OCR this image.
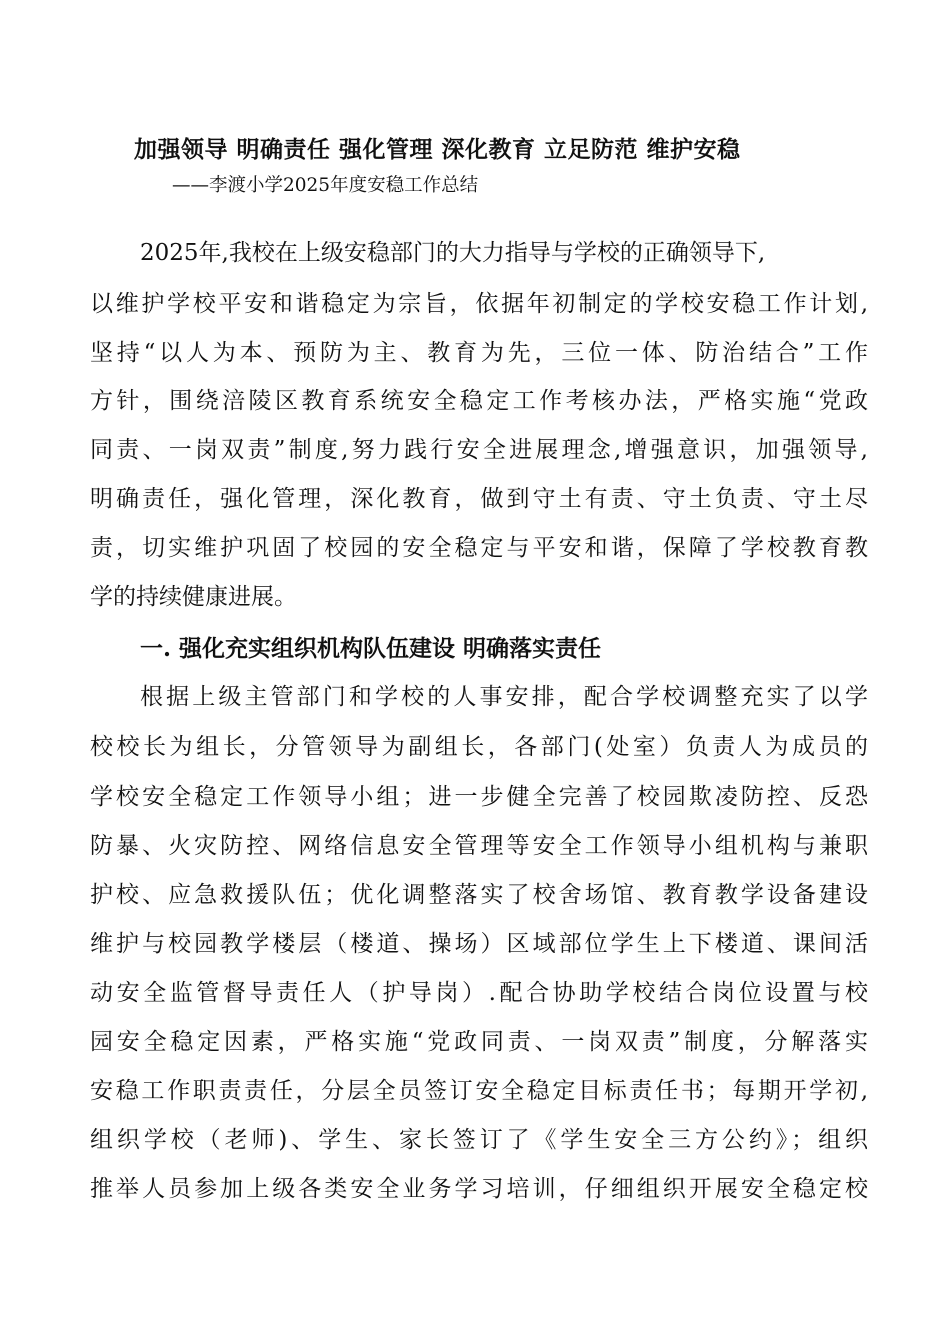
加强领导 明确责任 强化管理 深化教育 立足防范 维护安稳
——李渡小学2025年度安稳工作总结
2025年,我校在上级安稳部门的大力指导与学校的正确领导下,
以维护学校平安和谐稳定为宗旨，依据年初制定的学校安稳工作计划,
坚持“以人为本、预防为主、教育为先，三位一体、防治结合”工作
方针，围绕涪陵区教育系统安全稳定工作考核办法，严格实施“党政
同责、一岗双责”制度,努力践行安全进展理念,增强意识，加强领导,
明确责任，强化管理，深化教育，做到守土有责、守土负责、守土尽
责，切实维护巩固了校园的安全稳定与平安和谐，保障了学校教育教
学的持续健康进展。
一. 强化充实组织机构队伍建设 明确落实责任
根据上级主管部门和学校的人事安排，配合学校调整充实了以学
校校长为组长，分管领导为副组长，各部门(处室）负责人为成员的
学校安全稳定工作领导小组；进一步健全完善了校园欺凌防控、反恐
防暴、火灾防控、网络信息安全管理等安全工作领导小组机构与兼职
护校、应急救援队伍；优化调整落实了校舍场馆、教育教学设备建设
维护与校园教学楼层（楼道、操场）区域部位学生上下楼道、课间活
动安全监管督导责任人（护导岗）.配合协助学校结合岗位设置与校
园安全稳定因素，严格实施“党政同责、一岗双责”制度，分解落实
安稳工作职责责任，分层全员签订安全稳定目标责任书；每期开学初,
组织学校（老师)、学生、家长签订了《学生安全三方公约》；组织
推举人员参加上级各类安全业务学习培训，仔细组织开展安全稳定校
